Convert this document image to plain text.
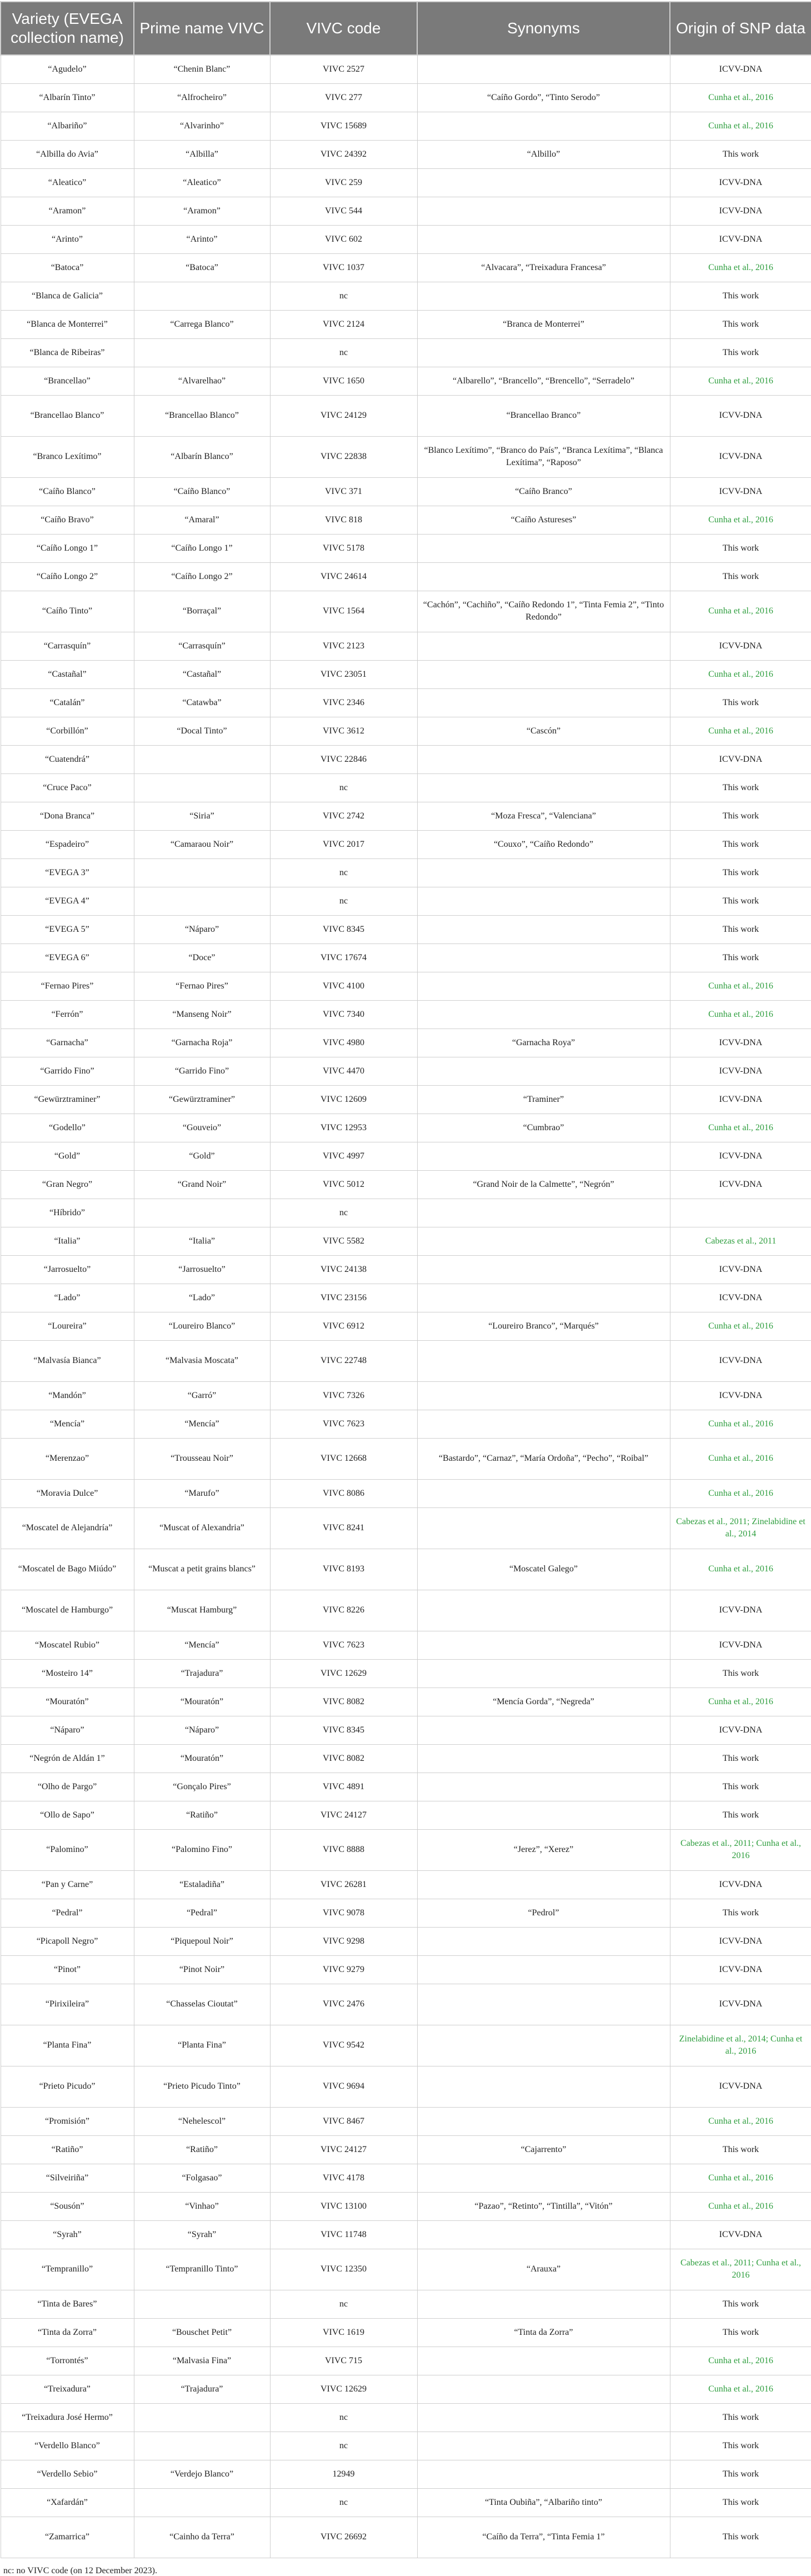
Variety (EVEGA collection name)	Prime name VIVC	VIVC code	Synonyms	Origin of SNP data
“Agudelo”	“Chenin Blanc”	VIVC 2527		ICVV-DNA
“Albarín Tinto”	“Alfrocheiro”	VIVC 277	“Caíño Gordo”, “Tinto Serodo”	Cunha et al., 2016
“Albariño”	“Alvarinho”	VIVC 15689		Cunha et al., 2016
“Albilla do Avia”	“Albilla”	VIVC 24392	“Albillo”	This work
“Aleatico”	“Aleatico”	VIVC 259		ICVV-DNA
“Aramon”	“Aramon”	VIVC 544		ICVV-DNA
“Arinto”	“Arinto”	VIVC 602		ICVV-DNA
“Batoca”	“Batoca”	VIVC 1037	“Alvacara”, “Treixadura Francesa”	Cunha et al., 2016
“Blanca de Galicia”		nc		This work
“Blanca de Monterrei”	“Carrega Blanco”	VIVC 2124	“Branca de Monterrei”	This work
“Blanca de Ribeiras”		nc		This work
“Brancellao”	“Alvarelhao”	VIVC 1650	“Albarello”, “Brancello”, “Brencello”, “Serradelo”	Cunha et al., 2016
“Brancellao Blanco”	“Brancellao Blanco”	VIVC 24129	“Brancellao Branco”	ICVV-DNA
“Branco Lexítimo”	“Albarín Blanco”	VIVC 22838	“Blanco Lexítimo”, “Branco do País”, “Branca Lexítima”, “Blanca Lexítima”, “Raposo”	ICVV-DNA
“Caíño Blanco”	“Caíño Blanco”	VIVC 371	“Caíño Branco”	ICVV-DNA
“Caíño Bravo”	“Amaral”	VIVC 818	“Caíño Astureses”	Cunha et al., 2016
“Caíño Longo 1”	“Caíño Longo 1”	VIVC 5178		This work
“Caíño Longo 2”	“Caíño Longo 2”	VIVC 24614		This work
“Caíño Tinto”	“Borraçal”	VIVC 1564	“Cachón”, “Cachiño”, “Caíño Redondo 1”, “Tinta Femia 2”, “Tinto Redondo”	Cunha et al., 2016
“Carrasquín”	“Carrasquín”	VIVC 2123		ICVV-DNA
“Castañal”	“Castañal”	VIVC 23051		Cunha et al., 2016
“Catalán”	“Catawba”	VIVC 2346		This work
“Corbillón”	“Docal Tinto”	VIVC 3612	“Cascón”	Cunha et al., 2016
“Cuatendrá”		VIVC 22846		ICVV-DNA
“Cruce Paco”		nc		This work
“Dona Branca”	“Siria”	VIVC 2742	“Moza Fresca”, “Valenciana”	This work
“Espadeiro”	“Camaraou Noir”	VIVC 2017	“Couxo”, “Caíño Redondo”	This work
“EVEGA 3”		nc		This work
“EVEGA 4”		nc		This work
“EVEGA 5”	“Náparo”	VIVC 8345		This work
“EVEGA 6”	“Doce”	VIVC 17674		This work
“Fernao Pires”	“Fernao Pires”	VIVC 4100		Cunha et al., 2016
“Ferrón”	“Manseng Noir”	VIVC 7340		Cunha et al., 2016
“Garnacha”	“Garnacha Roja”	VIVC 4980	“Garnacha Roya”	ICVV-DNA
“Garrido Fino”	“Garrido Fino”	VIVC 4470		ICVV-DNA
“Gewürztraminer”	“Gewürztraminer”	VIVC 12609	“Traminer”	ICVV-DNA
“Godello”	“Gouveio”	VIVC 12953	“Cumbrao”	Cunha et al., 2016
“Gold”	“Gold”	VIVC 4997		ICVV-DNA
“Gran Negro”	“Grand Noir”	VIVC 5012	“Grand Noir de la Calmette”, “Negrón”	ICVV-DNA
“Híbrido”		nc		
“Italia”	“Italia”	VIVC 5582		Cabezas et al., 2011
“Jarrosuelto”	“Jarrosuelto”	VIVC 24138		ICVV-DNA
“Lado”	“Lado”	VIVC 23156		ICVV-DNA
“Loureira”	“Loureiro Blanco”	VIVC 6912	“Loureiro Branco”, “Marqués”	Cunha et al., 2016
“Malvasía Bianca”	“Malvasia Moscata”	VIVC 22748		ICVV-DNA
“Mandón”	“Garró”	VIVC 7326		ICVV-DNA
“Mencía”	“Mencía”	VIVC 7623		Cunha et al., 2016
“Merenzao”	“Trousseau Noir”	VIVC 12668	“Bastardo”, “Carnaz”, “María Ordoña”, “Pecho”, “Roibal”	Cunha et al., 2016
“Moravia Dulce”	“Marufo”	VIVC 8086		Cunha et al., 2016
“Moscatel de Alejandría”	“Muscat of Alexandria”	VIVC 8241		Cabezas et al., 2011; Zinelabidine et al., 2014
“Moscatel de Bago Miúdo”	“Muscat a petit grains blancs”	VIVC 8193	“Moscatel Galego”	Cunha et al., 2016
“Moscatel de Hamburgo”	“Muscat Hamburg”	VIVC 8226		ICVV-DNA
“Moscatel Rubio”	“Mencía”	VIVC 7623		ICVV-DNA
“Mosteiro 14”	“Trajadura”	VIVC 12629		This work
“Mouratón”	“Mouratón”	VIVC 8082	“Mencía Gorda”, “Negreda”	Cunha et al., 2016
“Náparo”	“Náparo”	VIVC 8345		ICVV-DNA
“Negrón de Aldán 1”	“Mouratón”	VIVC 8082		This work
“Olho de Pargo”	“Gonçalo Pires”	VIVC 4891		This work
“Ollo de Sapo”	“Ratiño”	VIVC 24127		This work
“Palomino”	“Palomino Fino”	VIVC 8888	“Jerez”, “Xerez”	Cabezas et al., 2011; Cunha et al., 2016
“Pan y Carne”	“Estaladiña”	VIVC 26281		ICVV-DNA
“Pedral”	“Pedral”	VIVC 9078	“Pedrol”	This work
“Picapoll Negro”	“Piquepoul Noir”	VIVC 9298		ICVV-DNA
“Pinot”	“Pinot Noir”	VIVC 9279		ICVV-DNA
“Pirixileira”	“Chasselas Cioutat”	VIVC 2476		ICVV-DNA
“Planta Fina”	“Planta Fina”	VIVC 9542		Zinelabidine et al., 2014; Cunha et al., 2016
“Prieto Picudo”	“Prieto Picudo Tinto”	VIVC 9694		ICVV-DNA
“Promisión”	“Nehelescol”	VIVC 8467		Cunha et al., 2016
“Ratiño”	“Ratiño”	VIVC 24127	“Cajarrento”	This work
“Silveiriña”	“Folgasao”	VIVC 4178		Cunha et al., 2016
“Sousón”	“Vinhao”	VIVC 13100	“Pazao”, “Retinto”, “Tintilla”, “Vitón”	Cunha et al., 2016
“Syrah”	“Syrah”	VIVC 11748		ICVV-DNA
“Tempranillo”	“Tempranillo Tinto”	VIVC 12350	“Arauxa”	Cabezas et al., 2011; Cunha et al., 2016
“Tinta de Bares”		nc		This work
“Tinta da Zorra”	“Bouschet Petit”	VIVC 1619	“Tinta da Zorra”	This work
“Torrontés”	“Malvasia Fina”	VIVC 715		Cunha et al., 2016
“Treixadura”	“Trajadura”	VIVC 12629		Cunha et al., 2016
“Treixadura José Hermo”		nc		This work
“Verdello Blanco”		nc		This work
“Verdello Sebio”	“Verdejo Blanco”	12949		This work
“Xafardán”		nc	“Tinta Oubiña”, “Albariño tinto”	This work
“Zamarrica”	“Cainho da Terra”	VIVC 26692	“Caíño da Terra”, “Tinta Femia 1”	This work
nc: no VIVC code (on 12 December 2023).
